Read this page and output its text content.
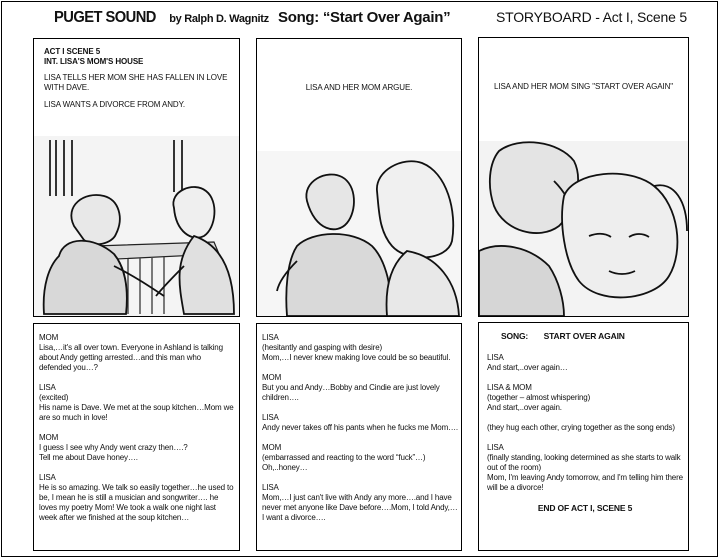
PUGET SOUND by Ralph D. Wagnitz Song: “Start Over Again”	STORYBOARD - Act I, Scene 5
ACT I SCENE 5
INT. LISA'S MOM'S HOUSE
LISA TELLS HER MOM SHE HAS FALLEN IN LOVE WITH DAVE.
LISA WANTS A DIVORCE FROM ANDY.
LISA AND HER MOM ARGUE.	LISA AND HER MOM SING "START OVER AGAIN"

MOM
Lisa,…it's all over town. Everyone in Ashland is talking about Andy getting arrested…and this man who defended you…?

LISA
(excited)
His name is Dave. We met at the soup kitchen…Mom we are so much in love!

MOM
I guess I see why Andy went crazy then….?
Tell me about Dave honey….

LISA
He is so amazing. We talk so easily together…he used to be, I mean he is still a musician and songwriter…. he loves my poetry Mom! We took a walk one night last week after we finished at the soup kitchen…

LISA
(hesitantly and gasping with desire)
Mom,…I never knew making love could be so beautiful.

MOM
But you and Andy…Bobby and Cindie are just lovely children….

LISA
Andy never takes off his pants when he fucks me Mom….

MOM
(embarrassed and reacting to the word “fuck”…)
Oh,..honey…

LISA
Mom,…I just can't live with Andy any more….and I have never met anyone like Dave before….Mom, I told Andy,… I want a divorce….

SONG:       START OVER AGAIN

LISA
And start,..over again…

LISA & MOM
(together – almost whispering)
And start,..over again.

(they hug each other, crying together as the song ends)

LISA
(finally standing, looking determined as she starts to walk out of the room)
Mom, I'm leaving Andy tomorrow, and I'm telling him there will be a divorce!

END OF ACT I, SCENE 5
